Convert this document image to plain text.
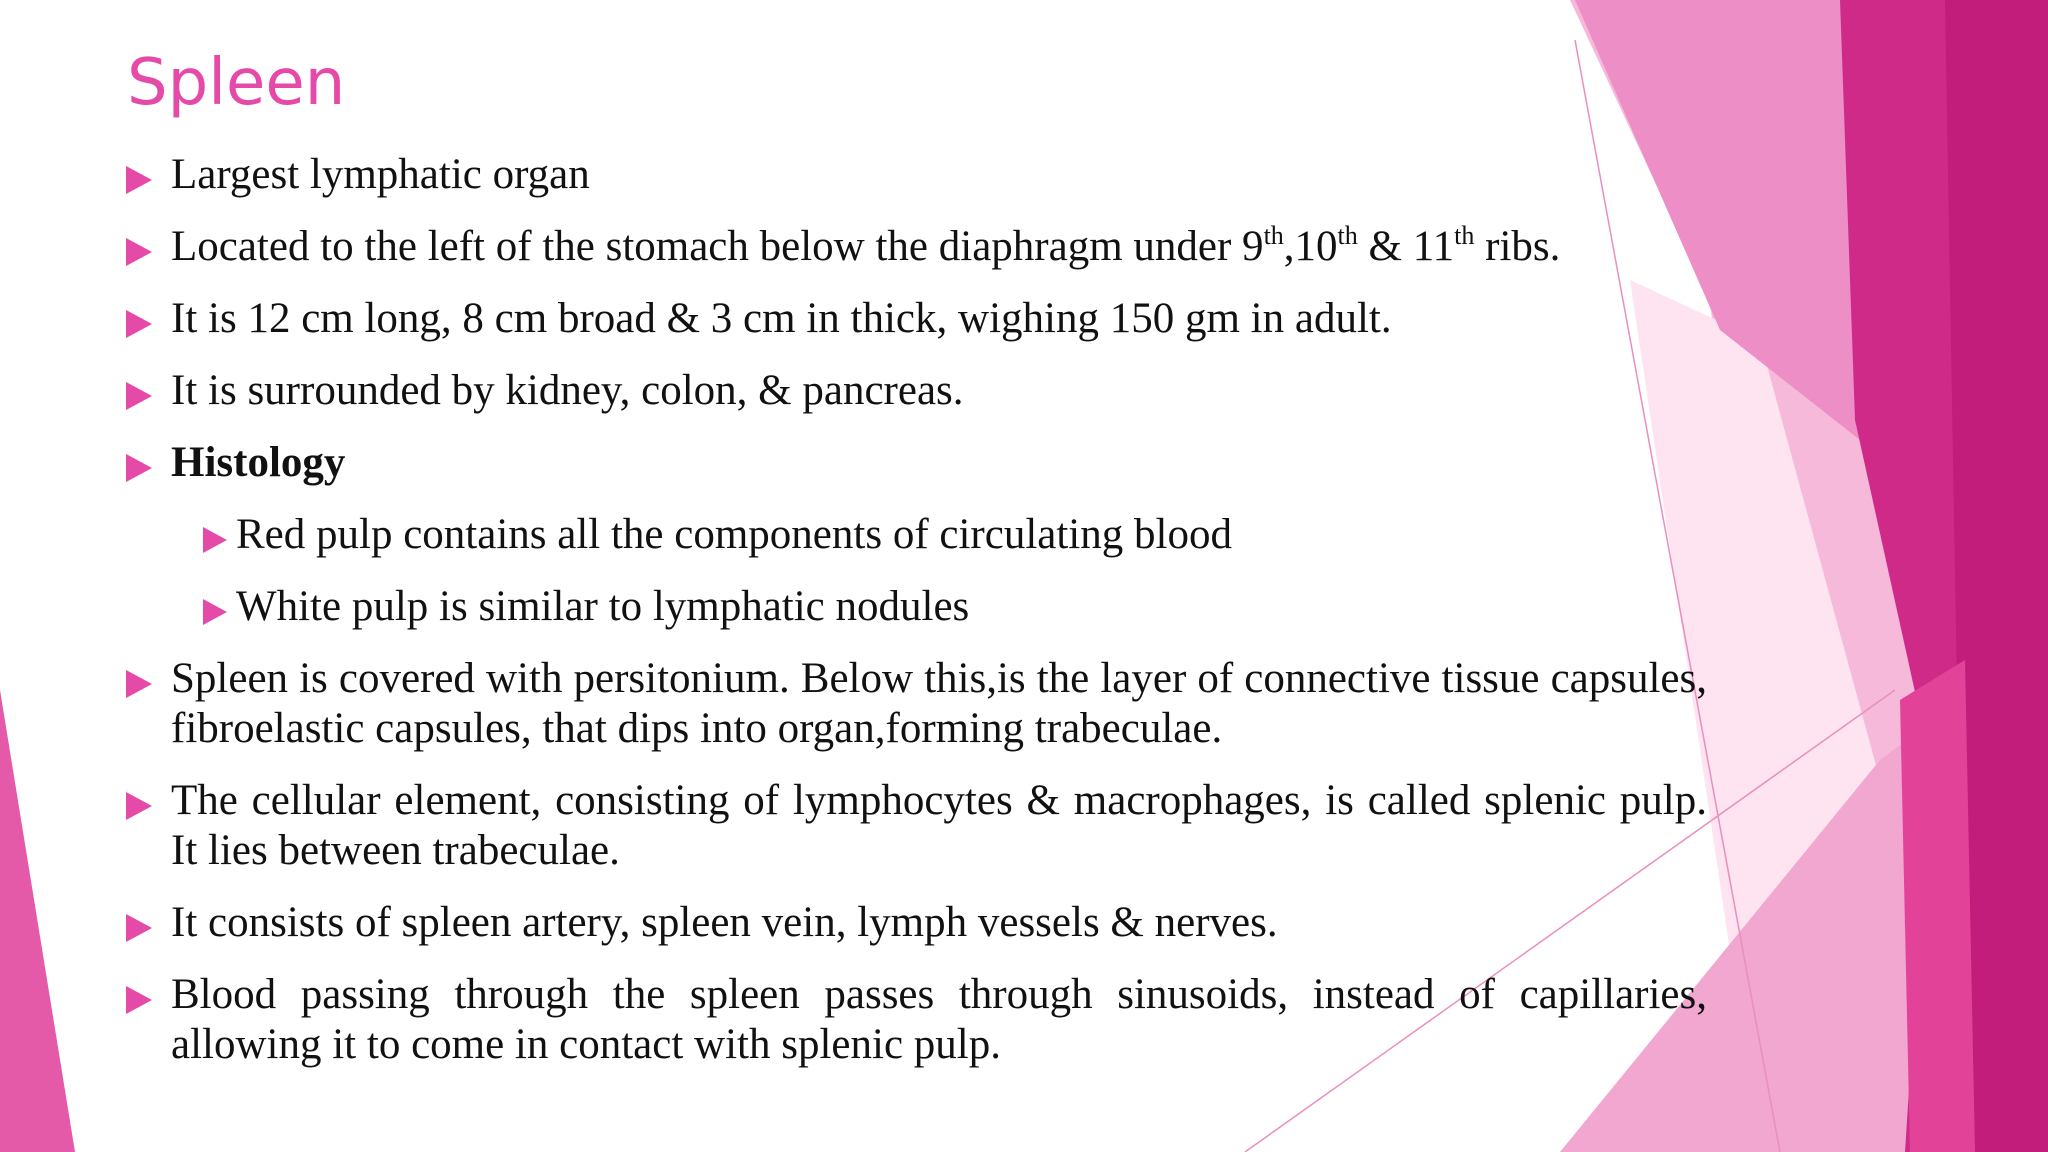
Spleen
Largest lymphatic organ
Located to the left of the stomach below the diaphragm under 9th,10th & 11th ribs.
It is 12 cm long, 8 cm broad & 3 cm in thick, wighing 150 gm in adult.
It is surrounded by kidney, colon, & pancreas.
Histology
Red pulp contains all the components of circulating blood
White pulp is similar to lymphatic nodules
Spleen is covered with persitonium. Below this,is the layer of connective tissue capsules, fibroelastic capsules, that dips into organ,forming trabeculae.
The cellular element, consisting of lymphocytes & macrophages, is called splenic pulp. It lies between trabeculae.
It consists of spleen artery, spleen vein, lymph vessels & nerves.
Blood passing through the spleen passes through sinusoids, instead of capillaries, allowing it to come in contact with splenic pulp.
